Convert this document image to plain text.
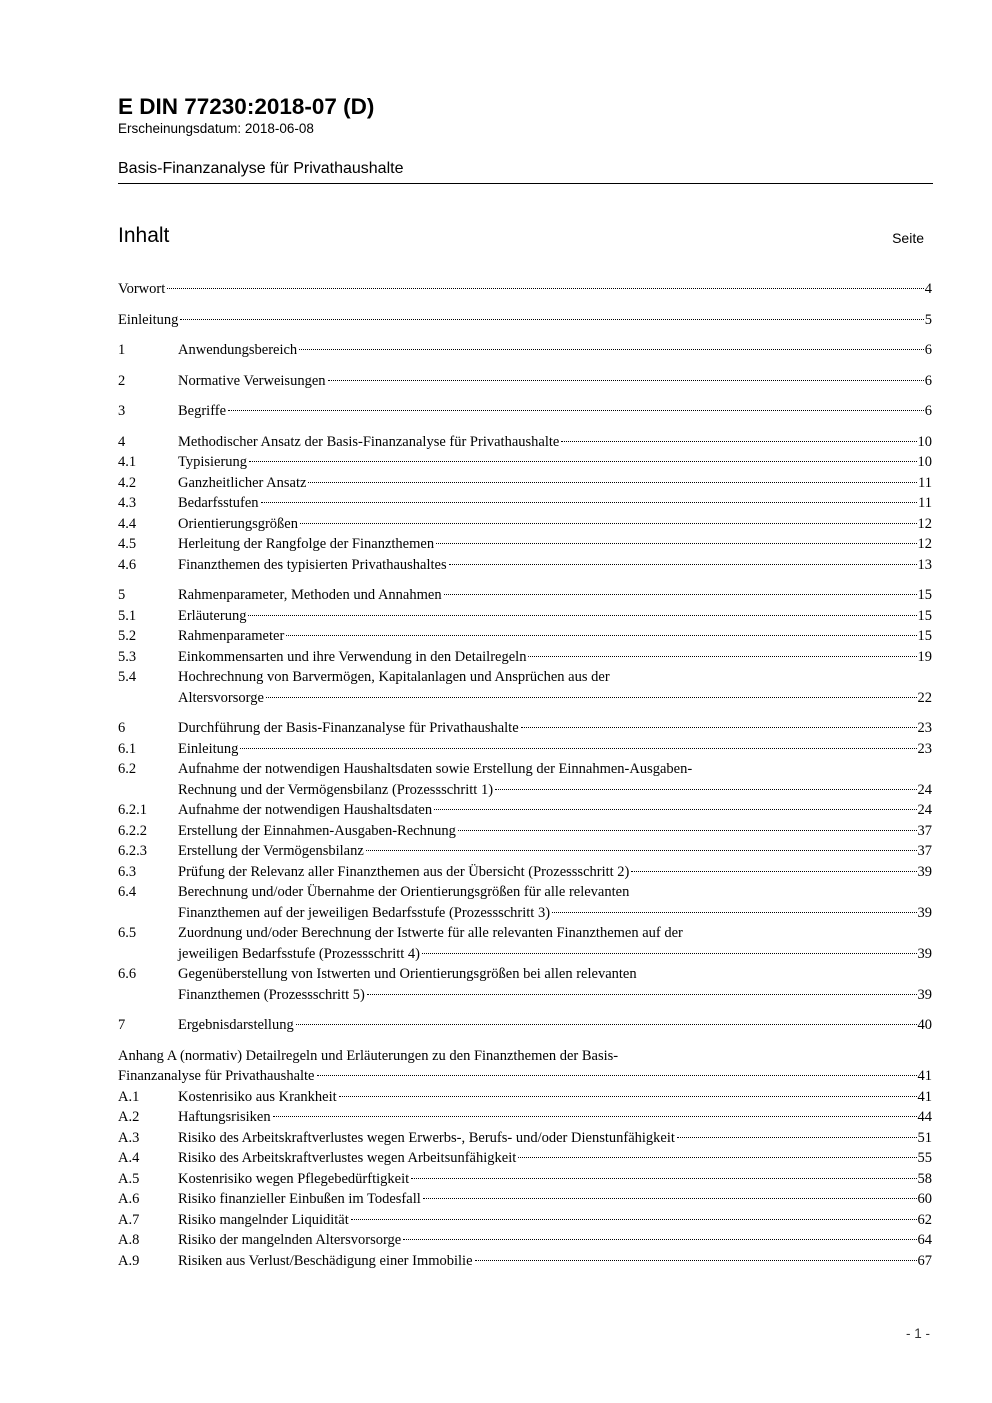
E DIN 77230:2018-07 (D)
Erscheinungsdatum: 2018-06-08
Basis-Finanzanalyse für Privathaushalte
Inhalt	Seite
Vorwort	4
Einleitung	5
1	Anwendungsbereich	6
2	Normative Verweisungen	6
3	Begriffe	6
4	Methodischer Ansatz der Basis-Finanzanalyse für Privathaushalte	10
4.1	Typisierung	10
4.2	Ganzheitlicher Ansatz	11
4.3	Bedarfsstufen	11
4.4	Orientierungsgrößen	12
4.5	Herleitung der Rangfolge der Finanzthemen	12
4.6	Finanzthemen des typisierten Privathaushaltes	13
5	Rahmenparameter, Methoden und Annahmen	15
5.1	Erläuterung	15
5.2	Rahmenparameter	15
5.3	Einkommensarten und ihre Verwendung in den Detailregeln	19
5.4	Hochrechnung von Barvermögen, Kapitalanlagen und Ansprüchen aus der
Altersvorsorge	22
6	Durchführung der Basis-Finanzanalyse für Privathaushalte	23
6.1	Einleitung	23
6.2	Aufnahme der notwendigen Haushaltsdaten sowie Erstellung der Einnahmen-Ausgaben-
Rechnung und der Vermögensbilanz (Prozessschritt 1)	24
6.2.1 Aufnahme der notwendigen Haushaltsdaten	24
6.2.2 Erstellung der Einnahmen-Ausgaben-Rechnung	37
6.2.3 Erstellung der Vermögensbilanz	37
6.3	Prüfung der Relevanz aller Finanzthemen aus der Übersicht (Prozessschritt 2)	39
6.4	Berechnung und/oder Übernahme der Orientierungsgrößen für alle relevanten
Finanzthemen auf der jeweiligen Bedarfsstufe (Prozessschritt 3)	39
6.5	Zuordnung und/oder Berechnung der Istwerte für alle relevanten Finanzthemen auf der
jeweiligen Bedarfsstufe (Prozessschritt 4)	39
6.6	Gegenüberstellung von Istwerten und Orientierungsgrößen bei allen relevanten
Finanzthemen (Prozessschritt 5)	39
7	Ergebnisdarstellung	40
Anhang A (normativ) Detailregeln und Erläuterungen zu den Finanzthemen der Basis-
Finanzanalyse für Privathaushalte	41
A.1	Kostenrisiko aus Krankheit	41
A.2	Haftungsrisiken	44
A.3	Risiko des Arbeitskraftverlustes wegen Erwerbs-, Berufs- und/oder Dienstunfähigkeit	51
A.4	Risiko des Arbeitskraftverlustes wegen Arbeitsunfähigkeit	55
A.5	Kostenrisiko wegen Pflegebedürftigkeit	58
A.6	Risiko finanzieller Einbußen im Todesfall	60
A.7	Risiko mangelnder Liquidität	62
A.8	Risiko der mangelnden Altersvorsorge	64
A.9	Risiken aus Verlust/Beschädigung einer Immobilie	67
- 1 -
